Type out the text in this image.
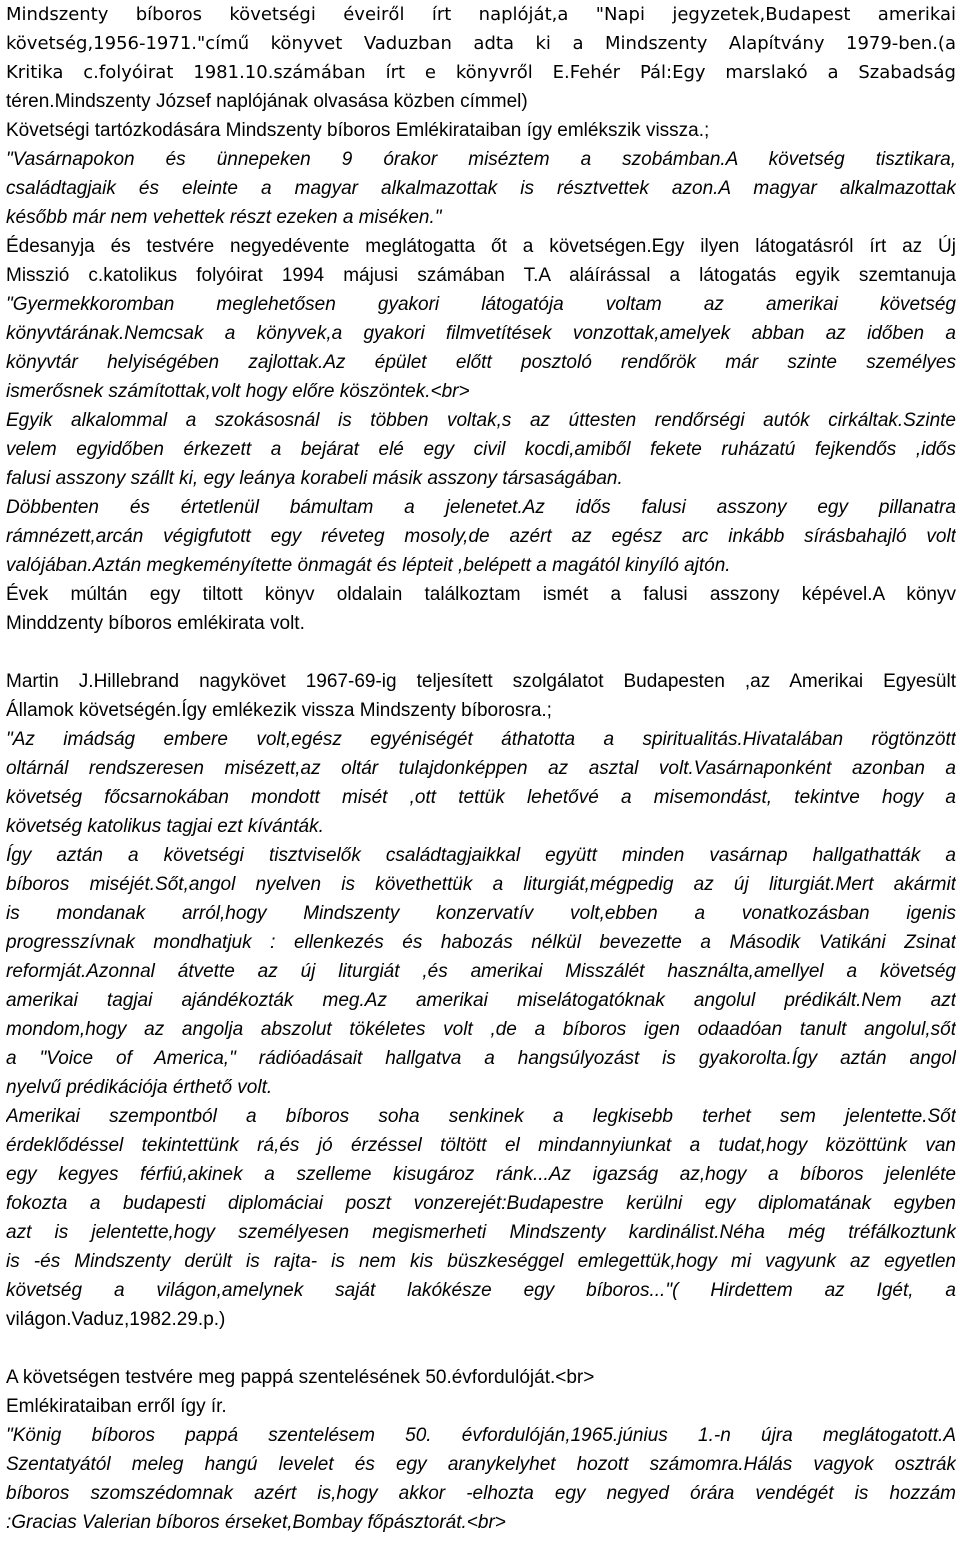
Mindszenty bíboros követségi éveiről írt naplóját,a "Napi jegyzetek,Budapest amerikai
követség,1956-1971."című könyvet Vaduzban adta ki a Mindszenty Alapítvány 1979-ben.(a
Kritika c.folyóirat 1981.10.számában írt e könyvről E.Fehér Pál:Egy marslakó a Szabadság
téren.Mindszenty József naplójának olvasása közben címmel)
Követségi tartózkodására Mindszenty bíboros Emlékirataiban így emlékszik vissza.;
"Vasárnapokon és ünnepeken 9 órakor miséztem a szobámban.A követség tisztikara,
családtagjaik és eleinte a magyar alkalmazottak is résztvettek azon.A magyar alkalmazottak
később már nem vehettek részt ezeken a miséken."
Édesanyja és testvére negyedévente meglátogatta őt a követségen.Egy ilyen látogatásról írt az Új
Misszió c.katolikus folyóirat 1994 májusi számában T.A aláírással a látogatás egyik szemtanuja
"Gyermekkoromban meglehetősen gyakori látogatója voltam az amerikai követség
könyvtárának.Nemcsak a könyvek,a gyakori filmvetítések vonzottak,amelyek abban az időben a
könyvtár helyiségében zajlottak.Az épület előtt posztoló rendőrök már szinte személyes
ismerősnek számítottak,volt hogy előre köszöntek.<br>
Egyik alkalommal a szokásosnál is többen voltak,s az úttesten rendőrségi autók cirkáltak.Szinte
velem egyidőben érkezett a bejárat elé egy civil kocdi,amiből fekete ruházatú fejkendős ,idős
falusi asszony szállt ki, egy leánya korabeli másik asszony társaságában.
Döbbenten és értetlenül bámultam a jelenetet.Az idős falusi asszony egy pillanatra
rámnézett,arcán végigfutott egy réveteg mosoly,de azért az egész arc inkább sírásbahajló volt
valójában.Aztán megkeményítette önmagát és lépteit ,belépett a magától kinyíló ajtón.
Évek múltán egy tiltott könyv oldalain találkoztam ismét a falusi asszony képével.A könyv
Minddzenty bíboros emlékirata volt.
Martin J.Hillebrand nagykövet 1967-69-ig teljesített szolgálatot Budapesten ,az Amerikai Egyesült
Államok követségén.Így emlékezik vissza Mindszenty bíborosra.;
"Az imádság embere volt,egész egyéniségét áthatotta a spiritualitás.Hivatalában rögtönzött
oltárnál rendszeresen misézett,az oltár tulajdonképpen az asztal volt.Vasárnaponként azonban a
követség főcsarnokában mondott misét ,ott tettük lehetővé a misemondást, tekintve hogy a
követség katolikus tagjai ezt kívánták.
Így aztán a követségi tisztviselők családtagjaikkal együtt minden vasárnap hallgathatták a
bíboros miséjét.Sőt,angol nyelven is követhettük a liturgiát,mégpedig az új liturgiát.Mert akármit
is mondanak arról,hogy Mindszenty konzervatív volt,ebben a vonatkozásban igenis
progresszívnak mondhatjuk : ellenkezés és habozás nélkül bevezette a Második Vatikáni Zsinat
reformját.Azonnal átvette az új liturgiát ,és amerikai Misszálét használta,amellyel a követség
amerikai tagjai ajándékozták meg.Az amerikai miselátogatóknak angolul prédikált.Nem azt
mondom,hogy az angolja abszolut tökéletes volt ,de a bíboros igen odaadóan tanult angolul,sőt
a "Voice of America," rádióadásait hallgatva a hangsúlyozást is gyakorolta.Így aztán angol
nyelvű prédikációja érthető volt.
Amerikai szempontból a bíboros soha senkinek a legkisebb terhet sem jelentette.Sőt
érdeklődéssel tekintettünk rá,és jó érzéssel töltött el mindannyiunkat a tudat,hogy közöttünk van
egy kegyes férfiú,akinek a szelleme kisugároz ránk...Az igazság az,hogy a bíboros jelenléte
fokozta a budapesti diplomáciai poszt vonzerejét:Budapestre kerülni egy diplomatának egyben
azt is jelentette,hogy személyesen megismerheti Mindszenty kardinálist.Néha még tréfálkoztunk
is -és Mindszenty derült is rajta- is nem kis büszkeséggel emlegettük,hogy mi vagyunk az egyetlen
követség a világon,amelynek saját lakókésze egy bíboros..."( Hirdettem az Igét, a
világon.Vaduz,1982.29.p.)
A követségen testvére meg pappá szentelésének 50.évfordulóját.<br>
Emlékirataiban erről így ír.
"König bíboros pappá szentelésem 50. évfordulóján,1965.június 1.-n újra meglátogatott.A
Szentatyától meleg hangú levelet és egy aranykelyhet hozott számomra.Hálás vagyok osztrák
bíboros szomszédomnak azért is,hogy akkor -elhozta egy negyed órára vendégét is hozzám
:Gracias Valerian bíboros érseket,Bombay főpásztorát.<br>
